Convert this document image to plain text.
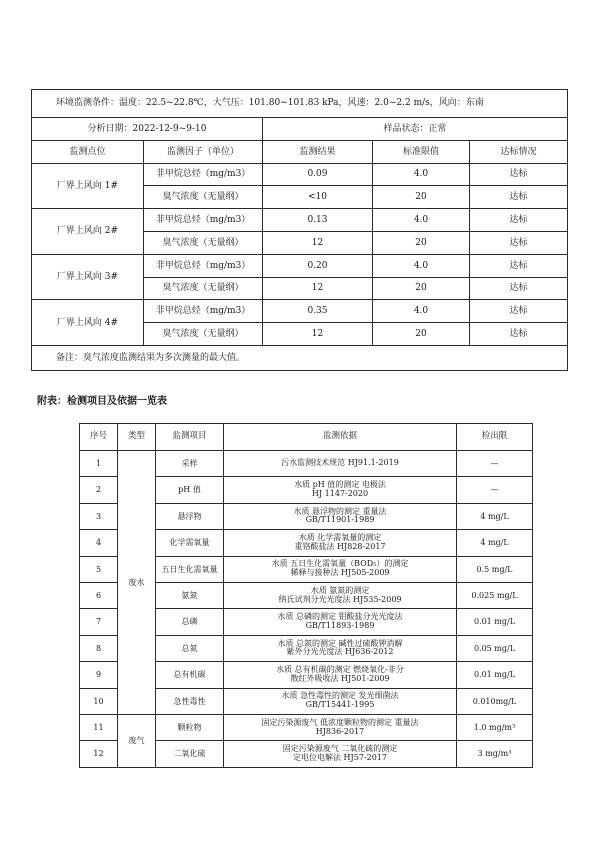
环境监测条件：温度：22.5~22.8℃，大气压：101.80~101.83 kPa，风速：2.0~2.2 m/s，风向：东南				
分析日期：2022-12-9~9-10		样品状态：正常		
监测点位	监测因子（单位）	监测结果	标准限值	达标情况
厂界上风向 1#	非甲烷总烃（mg/m3）	0.09	4.0	达标
	臭气浓度（无量纲）	<10	20	达标
厂界上风向 2#	非甲烷总烃（mg/m3）	0.13	4.0	达标
	臭气浓度（无量纲）	12	20	达标
厂界上风向 3#	非甲烷总烃（mg/m3）	0.20	4.0	达标
	臭气浓度（无量纲）	12	20	达标
厂界上风向 4#	非甲烷总烃（mg/m3）	0.35	4.0	达标
	臭气浓度（无量纲）	12	20	达标
备注：臭气浓度监测结果为多次测量的最大值。				

附表：检测项目及依据一览表

序号	类型	监测项目	监测依据	检出限
1	废水	采样	污水监测技术规范 HJ91.1-2019	—
2		pH 值	水质 pH 值的测定 电极法
HJ 1147-2020	—
3		悬浮物	水质 悬浮物的测定 重量法
GB/T11901-1989	4 mg/L
4		化学需氧量	水质 化学需氧量的测定
重铬酸盐法 HJ828-2017	4 mg/L
5		五日生化需氧量	水质 五日生化需氧量（BOD₅）的测定
稀释与接种法 HJ505-2009	0.5 mg/L
6		氨氮	水质 氨氮的测定
纳氏试剂分光光度法 HJ535-2009	0.025 mg/L
7		总磷	水质 总磷的测定 钼酸盐分光光度法
GB/T11893-1989	0.01 mg/L
8		总氮	水质 总氮的测定 碱性过硫酸钾消解
紫外分光光度法 HJ636-2012	0.05 mg/L
9		总有机碳	水质 总有机碳的测定 燃烧氧化-非分
散红外吸收法 HJ501-2009	0.01 mg/L
10		急性毒性	水质 急性毒性的测定 发光细菌法
GB/T15441-1995	0.010mg/L
11	废气	颗粒物	固定污染源废气 低浓度颗粒物的测定 重量法
HJ836-2017	1.0 mg/m³
12		二氧化硫	固定污染源废气 二氧化硫的测定
定电位电解法 HJ57-2017	3 mg/m³
